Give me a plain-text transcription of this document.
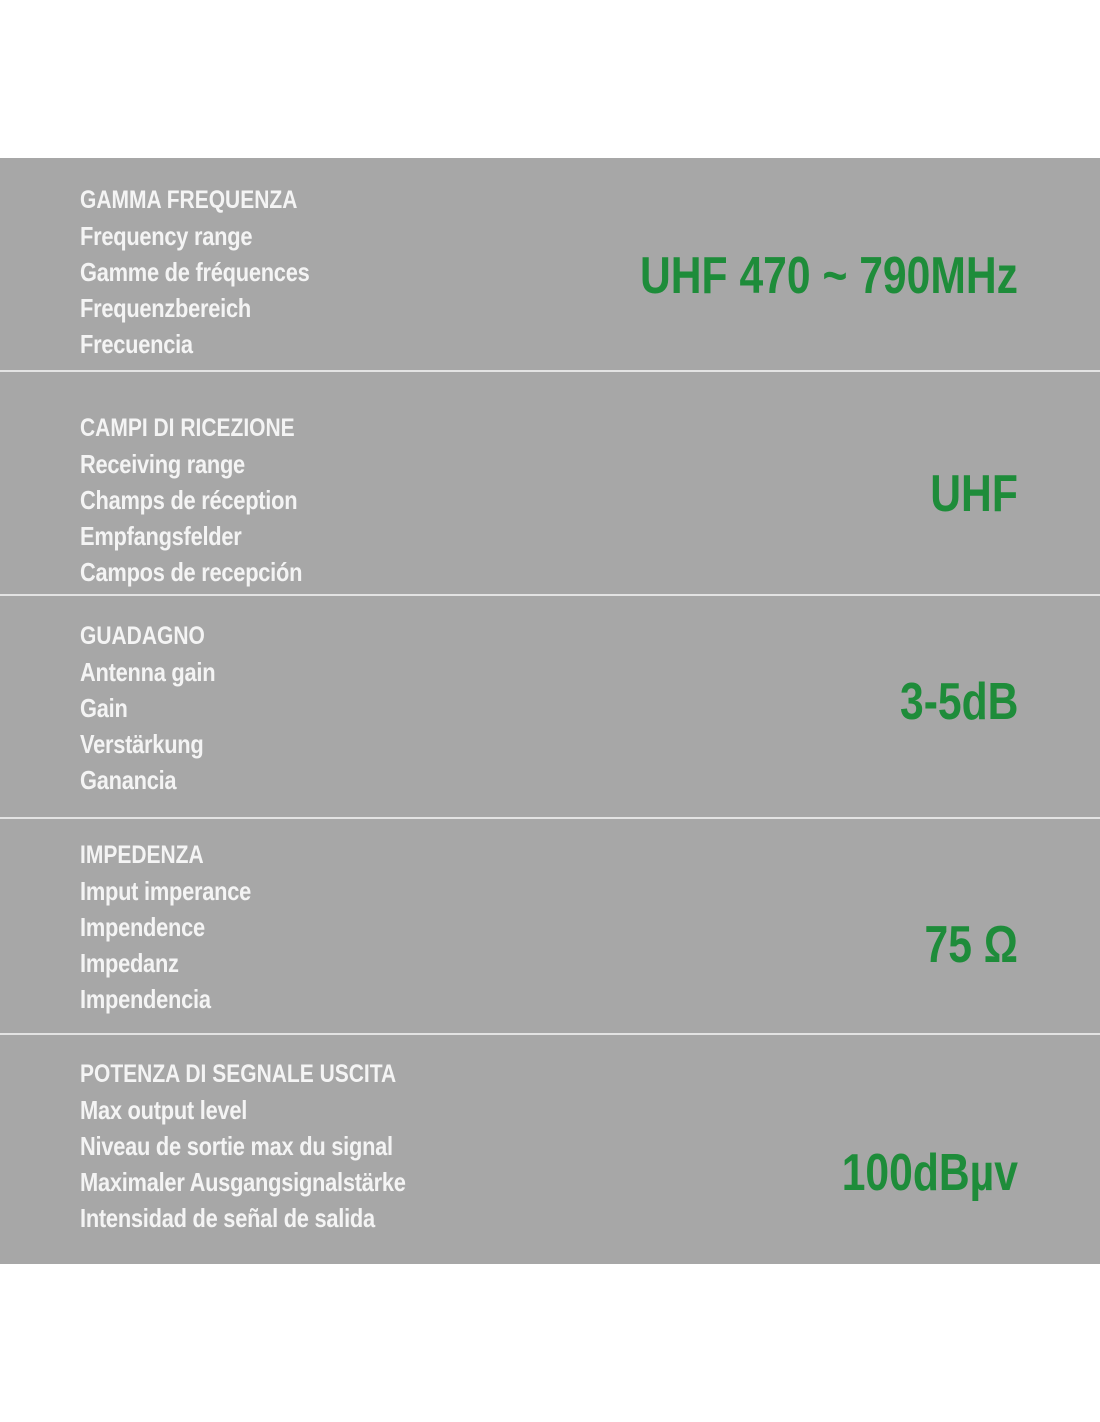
GAMMA FREQUENZA
Frequency range
Gamme de fréquences
Frequenzbereich
Frecuencia
UHF 470 ~ 790MHz
CAMPI DI RICEZIONE
Receiving range
Champs de réception
Empfangsfelder
Campos de recepción
UHF
GUADAGNO
Antenna gain
Gain
Verstärkung
Ganancia
3-5dB
IMPEDENZA
Imput imperance
Impendence
Impedanz
Impendencia
75 Ω
POTENZA DI SEGNALE USCITA
Max output level
Niveau de sortie max du signal
Maximaler Ausgangsignalstärke
Intensidad de señal de salida
100dBµv
